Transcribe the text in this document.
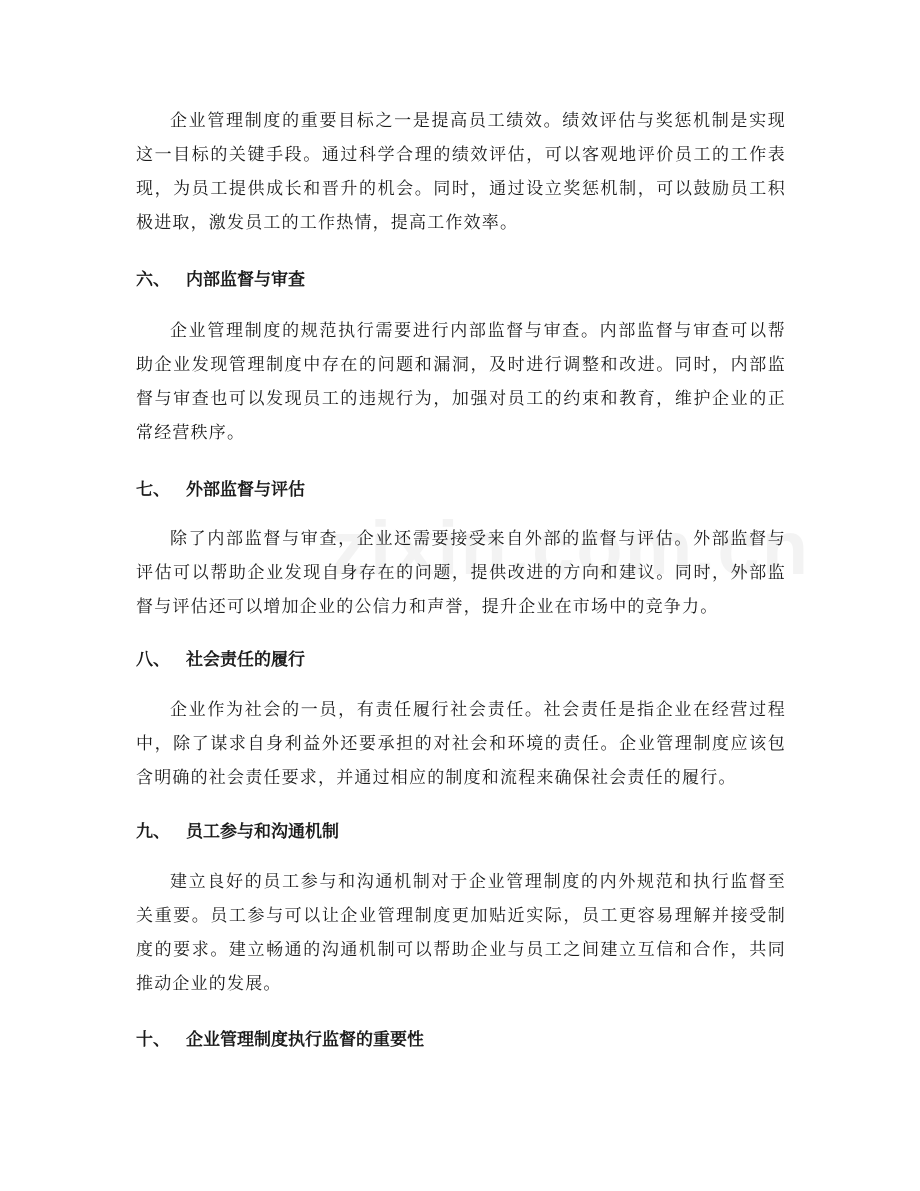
企业管理制度的重要目标之一是提高员工绩效。绩效评估与奖惩机制是实现这一目标的关键手段。通过科学合理的绩效评估，可以客观地评价员工的工作表现，为员工提供成长和晋升的机会。同时，通过设立奖惩机制，可以鼓励员工积极进取，激发员工的工作热情，提高工作效率。

六、 内部监督与审查

企业管理制度的规范执行需要进行内部监督与审查。内部监督与审查可以帮助企业发现管理制度中存在的问题和漏洞，及时进行调整和改进。同时，内部监督与审查也可以发现员工的违规行为，加强对员工的约束和教育，维护企业的正常经营秩序。

七、 外部监督与评估

除了内部监督与审查，企业还需要接受来自外部的监督与评估。外部监督与评估可以帮助企业发现自身存在的问题，提供改进的方向和建议。同时，外部监督与评估还可以增加企业的公信力和声誉，提升企业在市场中的竞争力。

八、 社会责任的履行

企业作为社会的一员，有责任履行社会责任。社会责任是指企业在经营过程中，除了谋求自身利益外还要承担的对社会和环境的责任。企业管理制度应该包含明确的社会责任要求，并通过相应的制度和流程来确保社会责任的履行。

九、 员工参与和沟通机制

建立良好的员工参与和沟通机制对于企业管理制度的内外规范和执行监督至关重要。员工参与可以让企业管理制度更加贴近实际，员工更容易理解并接受制度的要求。建立畅通的沟通机制可以帮助企业与员工之间建立互信和合作，共同推动企业的发展。

十、 企业管理制度执行监督的重要性
